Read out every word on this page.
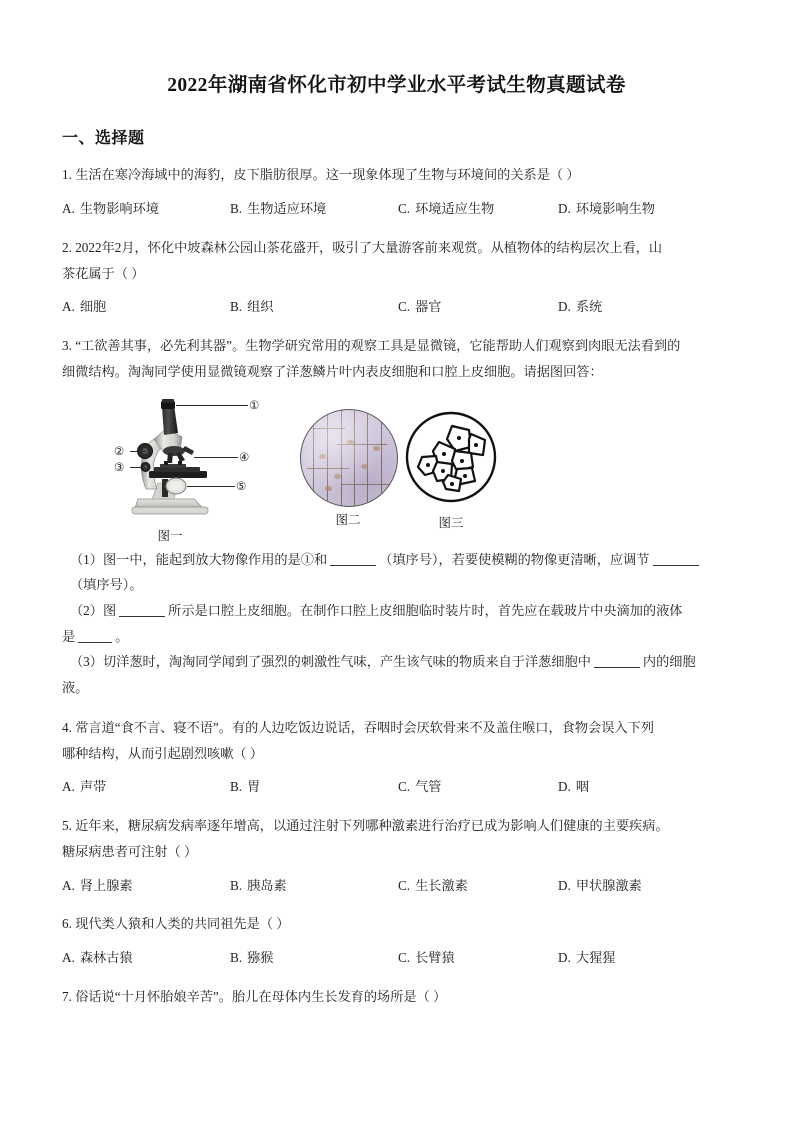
2022年湖南省怀化市初中学业水平考试生物真题试卷
一、选择题

1. 生活在寒冷海域中的海豹，皮下脂肪很厚。这一现象体现了生物与环境间的关系是（ ）

A. 生物影响环境	B. 生物适应环境	C. 环境适应生物	D. 环境影响生物

2. 2022年2月，怀化中坡森林公园山茶花盛开，吸引了大量游客前来观赏。从植物体的结构层次上看，山

茶花属于（ ）

A. 细胞	B. 组织	C. 器官	D. 系统

3. “工欲善其事，必先利其器”。生物学研究常用的观察工具是显微镜，它能帮助人们观察到肉眼无法看到的

细微结构。淘淘同学使用显微镜观察了洋葱鳞片叶内表皮细胞和口腔上皮细胞。请据图回答：

①
②
③
④
⑤
图一
图二	图三

（1）图一中，能起到放大物像作用的是①和	（填序号），若要使模糊的物像更清晰，应调节

（填序号）。

（2）图	所示是口腔上皮细胞。在制作口腔上皮细胞临时装片时，首先应在载玻片中央滴加的液体

是	。

（3）切洋葱时，淘淘同学闻到了强烈的刺激性气味，产生该气味的物质来自于洋葱细胞中	内的细胞

液。

4. 常言道“食不言、寝不语”。有的人边吃饭边说话，吞咽时会厌软骨来不及盖住喉口，食物会误入下列

哪种结构，从而引起剧烈咳嗽（ ）

A. 声带	B. 胃	C. 气管	D. 咽

5. 近年来，糖尿病发病率逐年增高，以通过注射下列哪种激素进行治疗已成为影响人们健康的主要疾病。

糖尿病患者可注射（ ）

A. 肾上腺素	B. 胰岛素	C. 生长激素	D. 甲状腺激素

6. 现代类人猿和人类的共同祖先是（ ）

A. 森林古猿	B. 猕猴	C. 长臂猿	D. 大猩猩

7. 俗话说“十月怀胎娘辛苦”。胎儿在母体内生长发育的场所是（ ）
